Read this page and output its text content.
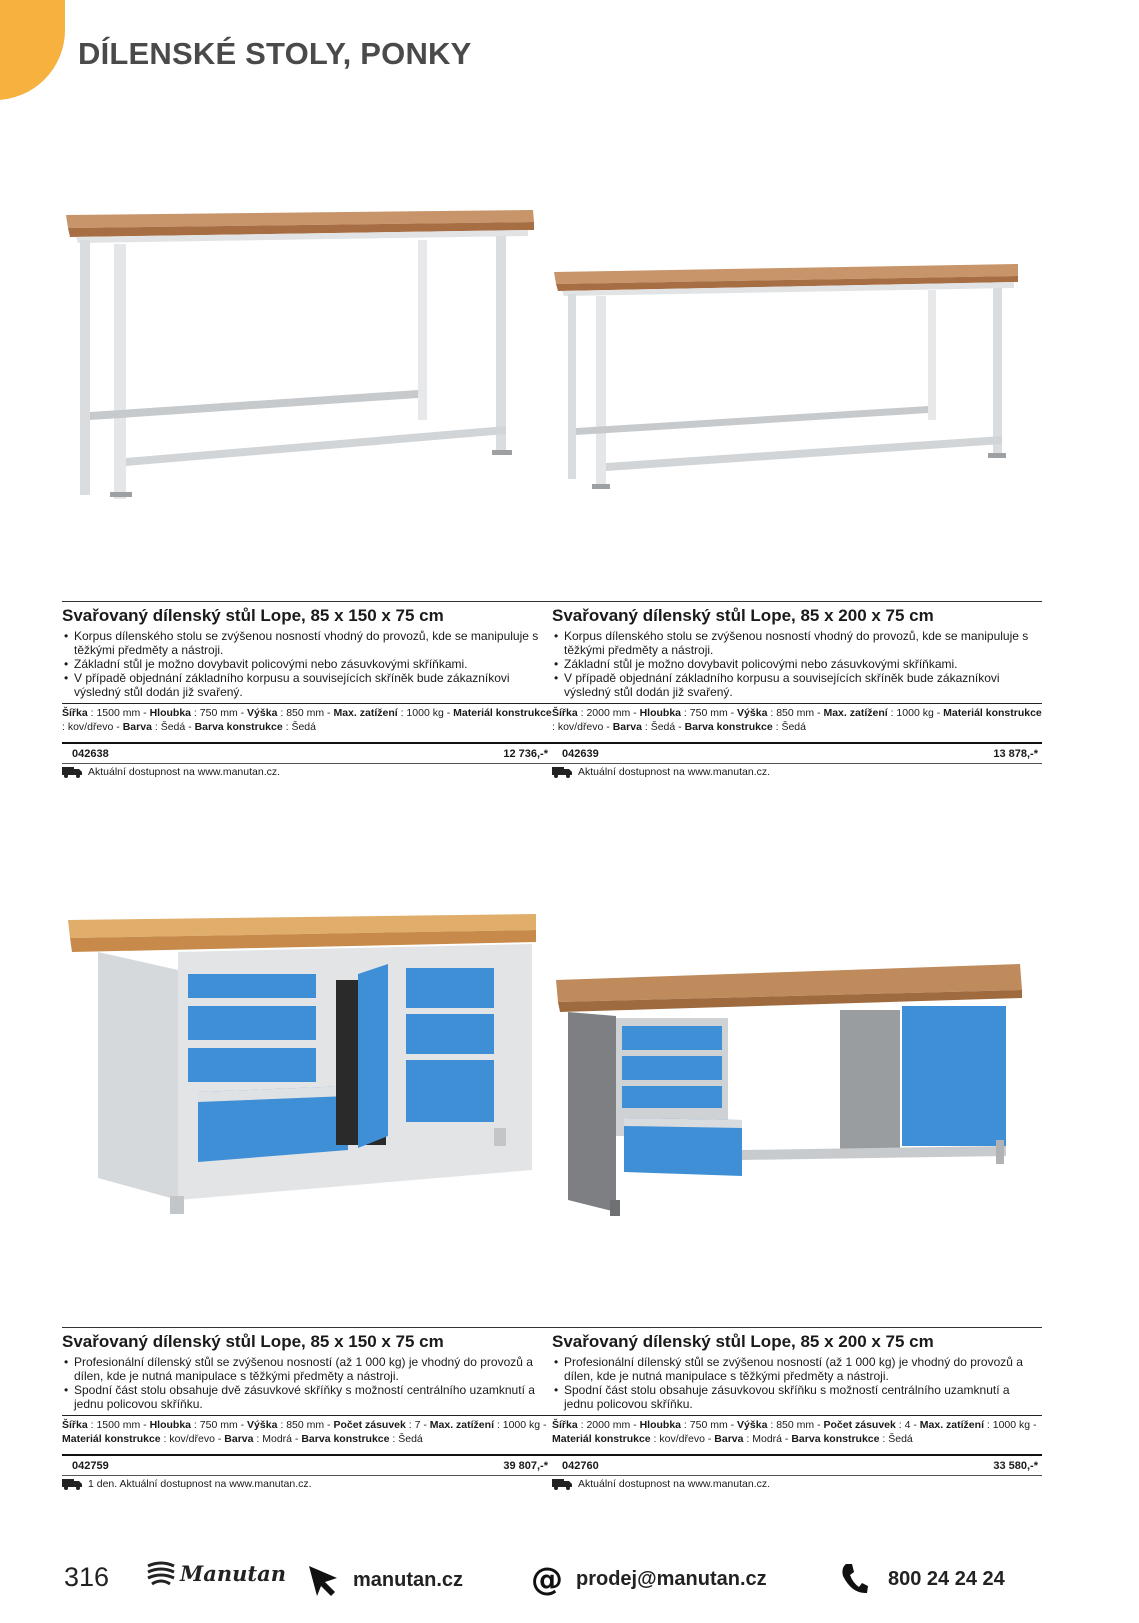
DÍLENSKÉ STOLY, PONKY
Svařovaný dílenský stůl Lope, 85 x 150 x 75 cm
• Korpus dílenského stolu se zvýšenou nosností vhodný do provozů, kde se manipuluje s těžkými předměty a nástroji.
• Základní stůl je možno dovybavit policovými nebo zásuvkovými skříňkami.
• V případě objednání základního korpusu a souvisejících skříněk bude zákazníkovi výsledný stůl dodán již svařený.
Šířka : 1500 mm - Hloubka : 750 mm - Výška : 850 mm - Max. zatížení : 1000 kg - Materiál konstrukce : kov/dřevo - Barva : Šedá - Barva konstrukce : Šedá
042638	12 736,-*
Aktuální dostupnost na www.manutan.cz.
Svařovaný dílenský stůl Lope, 85 x 200 x 75 cm
• Korpus dílenského stolu se zvýšenou nosností vhodný do provozů, kde se manipuluje s těžkými předměty a nástroji.
• Základní stůl je možno dovybavit policovými nebo zásuvkovými skříňkami.
• V případě objednání základního korpusu a souvisejících skříněk bude zákazníkovi výsledný stůl dodán již svařený.
Šířka : 2000 mm - Hloubka : 750 mm - Výška : 850 mm - Max. zatížení : 1000 kg - Materiál konstrukce : kov/dřevo - Barva : Šedá - Barva konstrukce : Šedá
042639	13 878,-*
Aktuální dostupnost na www.manutan.cz.
Svařovaný dílenský stůl Lope, 85 x 150 x 75 cm
• Profesionální dílenský stůl se zvýšenou nosností (až 1 000 kg) je vhodný do provozů a dílen, kde je nutná manipulace s těžkými předměty a nástroji.
• Spodní část stolu obsahuje dvě zásuvkové skříňky s možností centrálního uzamknutí a jednu policovou skříňku.
Šířka : 1500 mm - Hloubka : 750 mm - Výška : 850 mm - Počet zásuvek : 7 - Max. zatížení : 1000 kg - Materiál konstrukce : kov/dřevo - Barva : Modrá - Barva konstrukce : Šedá
042759	39 807,-*
1 den. Aktuální dostupnost na www.manutan.cz.
Svařovaný dílenský stůl Lope, 85 x 200 x 75 cm
• Profesionální dílenský stůl se zvýšenou nosností (až 1 000 kg) je vhodný do provozů a dílen, kde je nutná manipulace s těžkými předměty a nástroji.
• Spodní část stolu obsahuje zásuvkovou skříňku s možností centrálního uzamknutí a jednu policovou skříňku.
Šířka : 2000 mm - Hloubka : 750 mm - Výška : 850 mm - Počet zásuvek : 4 - Max. zatížení : 1000 kg - Materiál konstrukce : kov/dřevo - Barva : Modrá - Barva konstrukce : Šedá
042760	33 580,-*
Aktuální dostupnost na www.manutan.cz.
316	Manutan	manutan.cz @ prodej@manutan.cz	800 24 24 24
